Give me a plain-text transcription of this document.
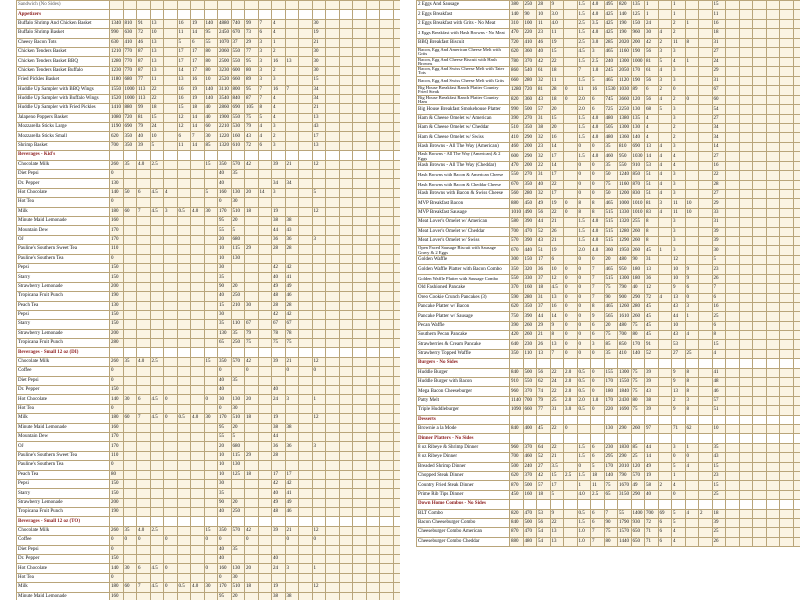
Sandwich (No Sides)																												
Appetizers																												
Buffalo Shrimp And Chicken Basket	1340	810	91	13		16	19	140	4880	740	99	7	4			30												
Buffalo Shrimp Basket	990	630	72	10		11	14	95	2450	670	73	6	4			19												
Cheesy Bacon Tots	630	410	46	13		5	6	55	1070	37	29	3	1			21												
Chicken Tenders Basket	1210	770	87	13		17	17	80	2060	550	77	3	2			30												
Chicken Tenders Basket BBQ	1280	770	87	13		17	17	80	2500	550	95	3	16	13		30												
Chicken Tenders Basket Buffalo	1230	770	87	13		14	17	80	3230	600	80	3	2			30												
Fried Pickles Basket	1180	680	77	11		13	16	10	2520	660	89	3	3			15												
Huddle Up Sampler with BBQ Wings	1550	1000	113	22		16	19	140	3110	800	95	7	16	7		34												
Huddle Up Sampler with Buffalo Wings	1520	1000	113	22		16	19	140	3540	840	87	7	4			34												
Huddle Up Sampler with Fried Pickles	1410	880	99	18		15	18	40	2860	690	105	8	4			21												
Jalapeno Poppers Basket	1080	720	81	15		12	14	40	1900	550	75	5	4			13												
Mozzarella Sticks Large	1190	690	79	24		12	14	60	2210	530	79	4	3			43												
Mozzarella Sticks Small	620	350	40	10		6	7	30	1220	160	43	4	2			17												
Shrimp Basket	700	350	39	5		11	14	85	1320	610	72	6	3			13												
Beverages - Kid's																												
Chocolate Milk	260	35	4.0	2.5				15	350	570	42		39	21		12												
Diet Pepsi	0								40	35																		
Dr. Pepper	130								40				34	34														
Hot Chocolate	140	50	6	4.5	4			5	160	130	20	14	3			5												
Hot Tea	0								0	30																		
Milk	180	60	7	4.5	3	0.5	4.0	30	170	510	18		19			12												
Minute Maid Lemonade	160								95	20			38	38														
Mountain Dew	170								55	5			44	43														
OJ	170								20	680			36	36		3												
Pauline's Southern Sweet Tea	110								10	115	29		28	28														
Pauline's Southern Tea	0								10	130																		
Pepsi	150								30				42	42														
Starry	150								35				40	41														
Strawberry Lemonade	200								90	20			49	49														
Tropicana Fruit Punch	190								40	250			48	46														
Peach Tea	130								15	210	30		28	28														
Pepsi	150								30				42	42														
Starry	150								35	110	67		67	67														
Strawberry Lemonade	200								130	35	79		78	78														
Tropicana Fruit Punch	280								65	250	75		75	75														
Beverages - Small 12 oz (DI)																												
Chocolate Milk	260	35	4.0	2.5				15	350	570	42		39	21		12												
Coffee	0								0		0			0		0												
Diet Pepsi	0								40	35																		
Dr. Pepper	150								40				40															
Hot Chocolate	140	30	6	4.5	0			0	30	130	20		24	3		1												
Hot Tea	0								0	30																		
Milk	180	60	7	4.5	0	0.5	4.0	30	170	510	18		19			12												
Minute Maid Lemonade	160								95	20			38	38														
Mountain Dew	170								55	5			44															
OJ	170								20	680			36	36		3												
Pauline's Southern Sweet Tea	110								10	115	29		28															
Pauline's Southern Tea	0								10	130																		
Peach Tea	80								10	125	18		17	17														
Pepsi	150								30				42	42														
Starry	150								35				40	41														
Strawberry Lemonade	200								90	20			49	49														
Tropicana Fruit Punch	190								40	250			48	46														
Beverages - Small 12 oz (TO)																												
Chocolate Milk	260	35	4.0	2.5				15	350	570	42		39	21		12												
Coffee	0	0	0		0			0	0		0			0		0												
Diet Pepsi	0								40	35																		
Dr. Pepper	150								40				40															
Hot Chocolate	140	30	6	4.5	0			0	160	130	20		24	3		1												
Hot Tea	0								0	30																		
Milk	180	60	7	4.5	0	0.5	4.0	30	170	510	18		19			12												
Minute Maid Lemonade	160								95	20			38	38														
2 Eggs And Sausage	380	250	28	9		1.5	4.0	495	820	135	1		1			15												
2 Eggs Breakfast	140	90	10	3.0		1.5	4.0	425	140	125	1		1			11												
2 Eggs Breakfast with Grits - No Meat	310	100	11	4.0		2.5	3.5	425	190	150	24		2	1		16												
2 Eggs Breakfast with Hash Browns - No Meat	470	220	23	11		1.5	4.0	425	190	960	30	4	2			18												
BBQ Breakfast Biscuit	720	410	46	19		2.5	3.0	285	2020	200	42	2	11	8		31												
Bacon, Egg And American Cheese Melt with Grits	620	360	40	15		4.5	3	465	1160	190	56	3	3			27												
Bacon, Egg And Cheese Biscuit with Hash Browns	780	370	42	22		1.5	2.5	240	1300	1000	81	5	4	1		24												
Bacon, Egg And Swiss Cheese Melt with Tater Tots	860	540	61	18		7	1.0	245	2050	170	61	4	3			29												
Bacon, Egg And Swiss Cheese Melt with Grits	660	280	32	11		1.5	5	465	1120	190	56	3	3			31												
Big House Breakfast Ranch Platter Country Fried Steak	1280	720	81	28	0	11	16	1530	1030	89	6	2	0			67												
Big House Breakfast Ranch Platter Country Ham	820	360	43	18	0	2.0	6	745	3660	120	56	4	2	0		60												
Big House Breakfast Smokehouse Platter	990	500	57	20		2.0	6	725	2250	130	68	5	3			54												
Ham & Cheese Omelet w/ American	390	270	31	15		1.5	4.0	480	1380	135	4		3			27												
Ham & Cheese Omelet w/ Cheddar	510	350	38	20		1.5	4.0	505	1300	130	4		2			34												
Ham & Cheese Omelet w/ Swiss	410	290	32	16		1.5	4.0	480	1360	140	4		2			34												
Hash Browns - All The Way (American)	460	200	23	14		0	0	35	810	690	13	4	3			14												
Hash Browns - All The Way (American) & 2 Eggs	600	290	32	17		1.5	4.0	460	950	1030	14	4	4			27												
Hash Browns - All The Way (Cheddar)	470	200	22	14		0	0	35	550	910	53	4	4			16												
Hash Browns with Bacon & American Cheese	550	270	31	17		0	0	50	1240	850	51	4	3			22												
Hash Browns with Bacon & Cheddar Cheese	670	350	40	22		0	0	75	1160	870	51	4	3			28												
Hash Browns with Bacon & Swiss Cheese	560	280	32	17		0	0	50	1200	830	51	4	3			27												
MVP Breakfast Bacon	880	450	49	19	0	8	8	465	1000	1010	81	3	11	10		29												
MVP Breakfast Sausage	1010	490	56	22	0	8	8	515	1330	1010	83	4	11	10		33												
Meat Lover's Omelet w/ American	580	390	44	21		1.5	4.0	515	1320	255	8		3			31												
Meat Lover's Omelet w/ Cheddar	700	470	52	26		1.5	4.0	515	1280	260	8		3			39												
Meat Lover's Omelet w/ Swiss	570	390	43	21		1.5	4.0	515	1290	260	8		3			39												
Open Faced Sausage Biscuit with Sausage Gravy & 2 Eggs	670	440	51	19		2.0	4.0	360	1950	260	45	1	3			30												
Golden Waffle	300	150	17	6		0	0	20	480	90	31		12			5												
Golden Waffle Platter with Bacon Combo	350	320	36	10	0	0	7	465	950	180	13		10	9		23												
Golden Waffle Platter with Sausage Combo	550	330	37	12	0	0	7	515	1300	180	36		10	9		26												
Old Fashioned Pancake	370	160	18	4.5	0	0	7	75	790	40	12		9	6		7												
Oreo Cookie Crunch Pancakes (3)	590	280	31	13	0	0	7	90	900	290	72	4	13	0		6												
Pancake Platter w/ Bacon	620	350	37	16	0	0	8	465	1260	280	45		43	3		16												
Pancake Platter w/ Sausage	750	390	44	14	0	0	9	565	1610	260	45		44	1		25												
Pecan Waffle	390	260	29	9	0	0	6	20	480	75	45		10			6												
Southern Pecan Pancake	420	260	21	8	0	0	6	75	700	80	45		43	4		8												
Strawberries & Cream Pancake	640	230	26	13	0	0	3	85	850	170	91		53			15												
Strawberry Topped Waffle	350	110	13	7	0	0	0	35	410	140	52		27	25		4												
Burgers - No Sides																												
Huddle Burger	840	500	56	22	2.0	0.5	0	155	1300	75	39		9	8		41												
Huddle Burger with Bacon	910	550	62	24	2.0	0.5	0	170	1550	75	39		9	8		48												
Mega Bacon Cheeseburger	960	370	74	22	2.0	0.5	0	180	1840	75	43		13	8		46												
Patty Melt	1140	700	79	25	2.0	2.0	1.0	170	2430	80	38		2	3		57												
Triple Huddleburger	1090	660	77	31	3.0	0.5	0	220	1690	75	39		9	8		51												
Desserts																												
Brownie a la Mode	840	400	45	22	0			130	290	260	97		71	62		10												
Dinner Platters - No Sides																												
8 oz Ribeye & Shrimp Dinner	960	370	64	22		1.5	6	230	1830	85	44		3	1		35												
8 oz Ribeye Dinner	700	460	52	21		1.5	6	295	290	25	14		0	0		43												
Breaded Shrimp Dinner	500	240	27	3.5		0	5	170	2010	120	49		5	4		15												
Chopped Steak Dinner	620	370	42	15	2.5	1.5	18	140	790	570	19		1			23												
Country Fried Steak Dinner	870	500	57	17		1	11	75	1670	49	58	2	4			15												
Prime Rib Tips Dinner	450	160	18	5		4.0	2.5	65	3150	290	40		0			25												
Down Home Combos - No Sides																												
BLT Combo	820	470	53	9		0.5	6	7	55	1400	700	69	5	4	2	18												
Bacon Cheeseburger Combo	840	500	56	22		1.5	6	90	1790	930	72	6	5			39												
Cheeseburger Combo American	870	470	54	13		1.0	7	75	1570	650	71	6	4			25												
Cheeseburger Combo Cheddar	880	480	54	13		1.0	7	80	1440	650	71	6	4			26												
